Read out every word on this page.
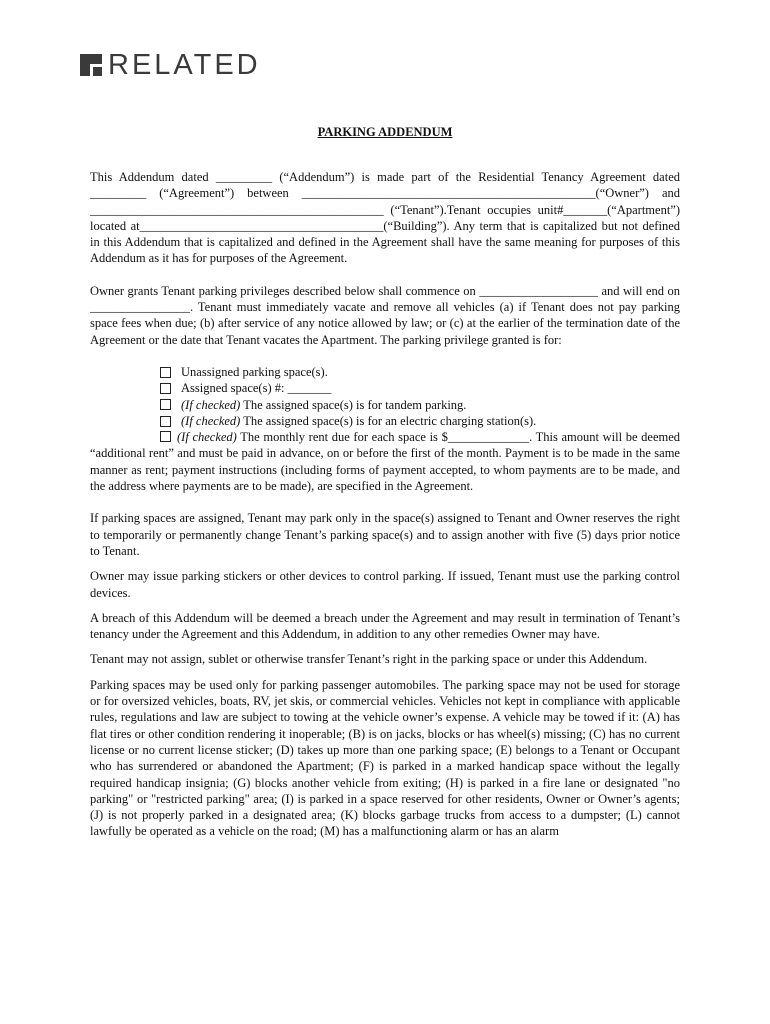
RELATED
PARKING ADDENDUM

This Addendum dated _________ (“Addendum”) is made part of the Residential Tenancy Agreement dated _________ (“Agreement”) between _______________________________________________(“Owner”) and _______________________________________________ (“Tenant”).Tenant occupies unit#_______(“Apartment”) located at_______________________________________(“Building”). Any term that is capitalized but not defined in this Addendum that is capitalized and defined in the Agreement shall have the same meaning for purposes of this Addendum as it has for purposes of the Agreement.

Owner grants Tenant parking privileges described below shall commence on ___________________ and will end on ________________. Tenant must immediately vacate and remove all vehicles (a) if Tenant does not pay parking space fees when due; (b) after service of any notice allowed by law; or (c) at the earlier of the termination date of the Agreement or the date that Tenant vacates the Apartment. The parking privilege granted is for:

Unassigned parking space(s).
Assigned space(s) #: _______
(If checked) The assigned space(s) is for tandem parking.
(If checked) The assigned space(s) is for an electric charging station(s).

(If checked) The monthly rent due for each space is $_____________. This amount will be deemed “additional rent” and must be paid in advance, on or before the first of the month. Payment is to be made in the same manner as rent; payment instructions (including forms of payment accepted, to whom payments are to be made, and the address where payments are to be made), are specified in the Agreement.

If parking spaces are assigned, Tenant may park only in the space(s) assigned to Tenant and Owner reserves the right to temporarily or permanently change Tenant’s parking space(s) and to assign another with five (5) days prior notice to Tenant.

Owner may issue parking stickers or other devices to control parking. If issued, Tenant must use the parking control devices.

A breach of this Addendum will be deemed a breach under the Agreement and may result in termination of Tenant’s tenancy under the Agreement and this Addendum, in addition to any other remedies Owner may have.

Tenant may not assign, sublet or otherwise transfer Tenant’s right in the parking space or under this Addendum.

Parking spaces may be used only for parking passenger automobiles. The parking space may not be used for storage or for oversized vehicles, boats, RV, jet skis, or commercial vehicles. Vehicles not kept in compliance with applicable rules, regulations and law are subject to towing at the vehicle owner’s expense. A vehicle may be towed if it: (A) has flat tires or other condition rendering it inoperable; (B) is on jacks, blocks or has wheel(s) missing; (C) has no current license or no current license sticker; (D) takes up more than one parking space; (E) belongs to a Tenant or Occupant who has surrendered or abandoned the Apartment; (F) is parked in a marked handicap space without the legally required handicap insignia; (G) blocks another vehicle from exiting; (H) is parked in a fire lane or designated "no parking" or "restricted parking" area; (I) is parked in a space reserved for other residents, Owner or Owner’s agents; (J) is not properly parked in a designated area; (K) blocks garbage trucks from access to a dumpster; (L) cannot lawfully be operated as a vehicle on the road; (M) has a malfunctioning alarm or has an alarm
